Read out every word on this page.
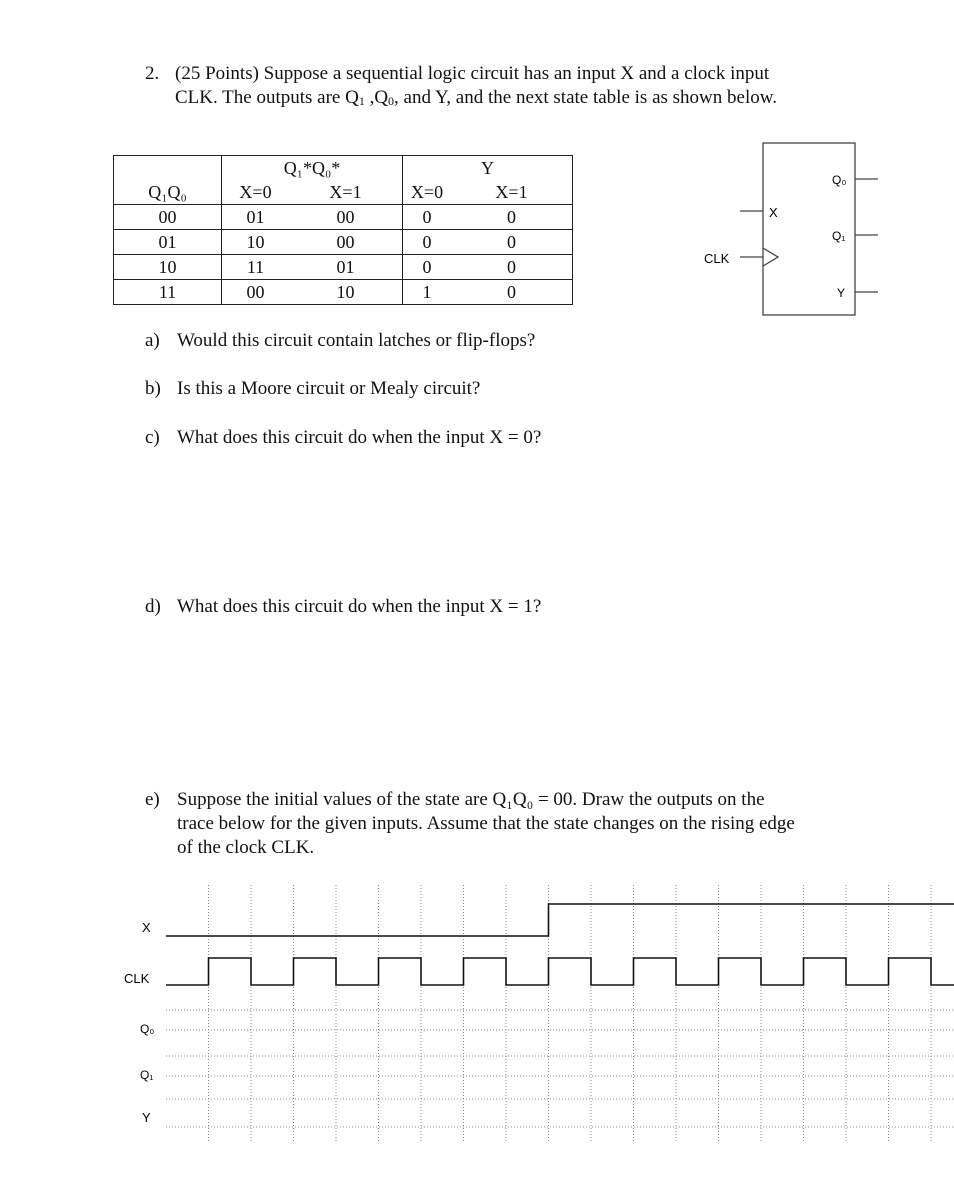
2. (25 Points) Suppose a sequential logic circuit has an input X and a clock input
CLK. The outputs are $Q_1$ $,Q_0$, and Y, and the next state table is as shown below.
Q₁Q₀	Q₁*Q₀*		Y	
	X=0	X=1	X=0	X=1
00	01	00	0	0
01	10	00	0	0
10	11	01	0	0
11	00	10	1	0
X
CLK
Q₀
Q₁
Y
a) Would this circuit contain latches or flip-flops?
b) Is this a Moore circuit or Mealy circuit?
c) What does this circuit do when the input X = 0?
d) What does this circuit do when the input X = 1?
e) Suppose the initial values of the state are Q₁Q₀ = 00. Draw the outputs on the
trace below for the given inputs. Assume that the state changes on the rising edge
of the clock CLK.
X
CLK
Q₀
Q₁
Y
